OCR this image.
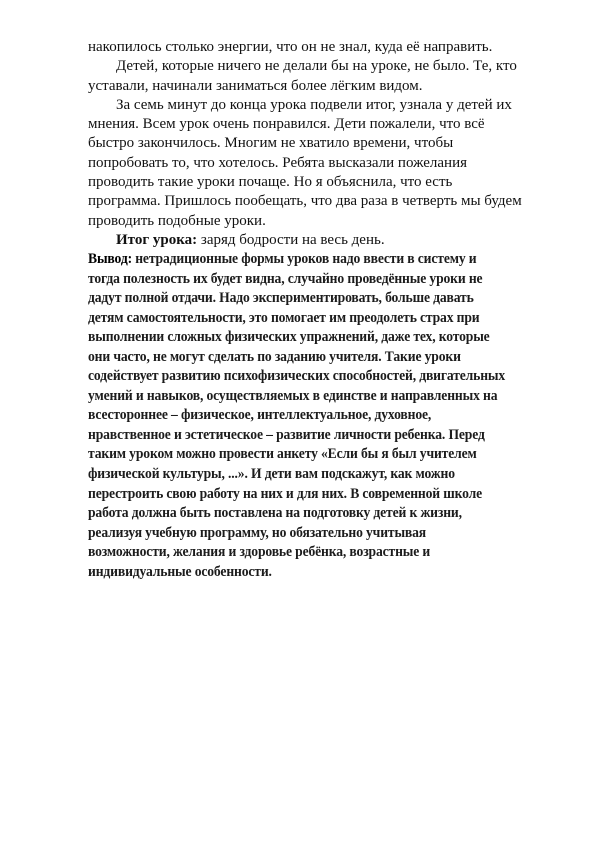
накопилось столько энергии, что он не знал, куда её направить.

Детей, которые ничего не делали бы на уроке, не было. Те, кто уставали, начинали заниматься более лёгким видом.

За семь минут до конца урока подвели итог, узнала у детей их мнения. Всем урок очень понравился. Дети пожалели, что всё быстро закончилось. Многим не хватило времени, чтобы попробовать то, что хотелось. Ребята высказали пожелания проводить такие уроки почаще. Но я объяснила, что есть программа. Пришлось пообещать, что два раза в четверть мы будем проводить подобные уроки.

Итог урока: заряд бодрости на весь день.

Вывод: нетрадиционные формы уроков надо ввести в систему и тогда полезность их будет видна, случайно проведённые уроки не дадут полной отдачи. Надо экспериментировать, больше давать детям самостоятельности, это помогает им преодолеть страх при выполнении сложных физических упражнений, даже тех, которые они часто, не могут сделать по заданию учителя. Такие уроки содействует развитию психофизических способностей, двигательных умений и навыков, осуществляемых в единстве и направленных на всестороннее – физическое, интеллектуальное, духовное, нравственное и эстетическое – развитие личности ребенка. Перед таким уроком можно провести анкету «Если бы я был учителем физической культуры, ...». И дети вам подскажут, как можно перестроить свою работу на них и для них. В современной школе работа должна быть поставлена на подготовку детей к жизни, реализуя учебную программу, но обязательно учитывая возможности, желания и здоровье ребёнка, возрастные и индивидуальные особенности.
